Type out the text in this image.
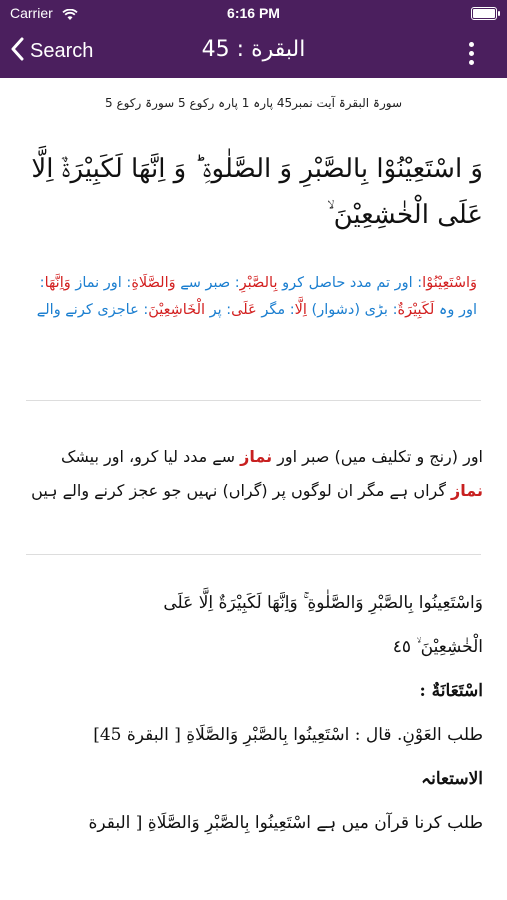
Carrier	6:16 PM
Search	البقرة : 45
سورۃ البقرۃ آیت نمبر45 پارہ 1 پارہ رکوع 5 سورۃ رکوع 5
وَ اسْتَعِیْنُوْا بِالصَّبْرِ وَ الصَّلٰوۃِ ؕ وَ اِنَّهَا لَکَبِیْرَۃٌ اِلَّا عَلَی الْخٰشِعِیْنَ ۙ
وَاسْتَعِيْنُوْا: اور تم مدد حاصل کرو بِالصَّبْرِ: صبر سے وَالصَّلَاةِ: اور نماز وَاِنَّهَا: اور وہ لَكَبِيْرَةٌ: بڑی (دشوار) اِلَّا: مگر عَلَى: پر الْخَاشِعِيْنَ: عاجزی کرنے والے
اور (رنج و تکلیف میں) صبر اور نماز سے مدد لیا کرو، اور بیشک نماز گراں ہے مگر ان لوگوں پر (گراں) نہیں جو عجز کرنے والے ہیں
وَاسْتَعِينُوا بِالصَّبْرِ وَالصَّلٰوةِ ۚ وَاِنَّهَا لَكَبِيْرَةٌ اِلَّا عَلَى
الْخٰشِعِيْنَ ۙ ٤٥
اسْتَعَانَةٌ :
طلب العَوْنِ. قال : اسْتَعِينُوا بِالصَّبْرِ وَالصَّلَاةِ [ البقرة 45]
الاستعانہ
طلب کرنا قرآن میں ہے اسْتَعِينُوا بِالصَّبْرِ وَالصَّلَاةِ [ البقرة
